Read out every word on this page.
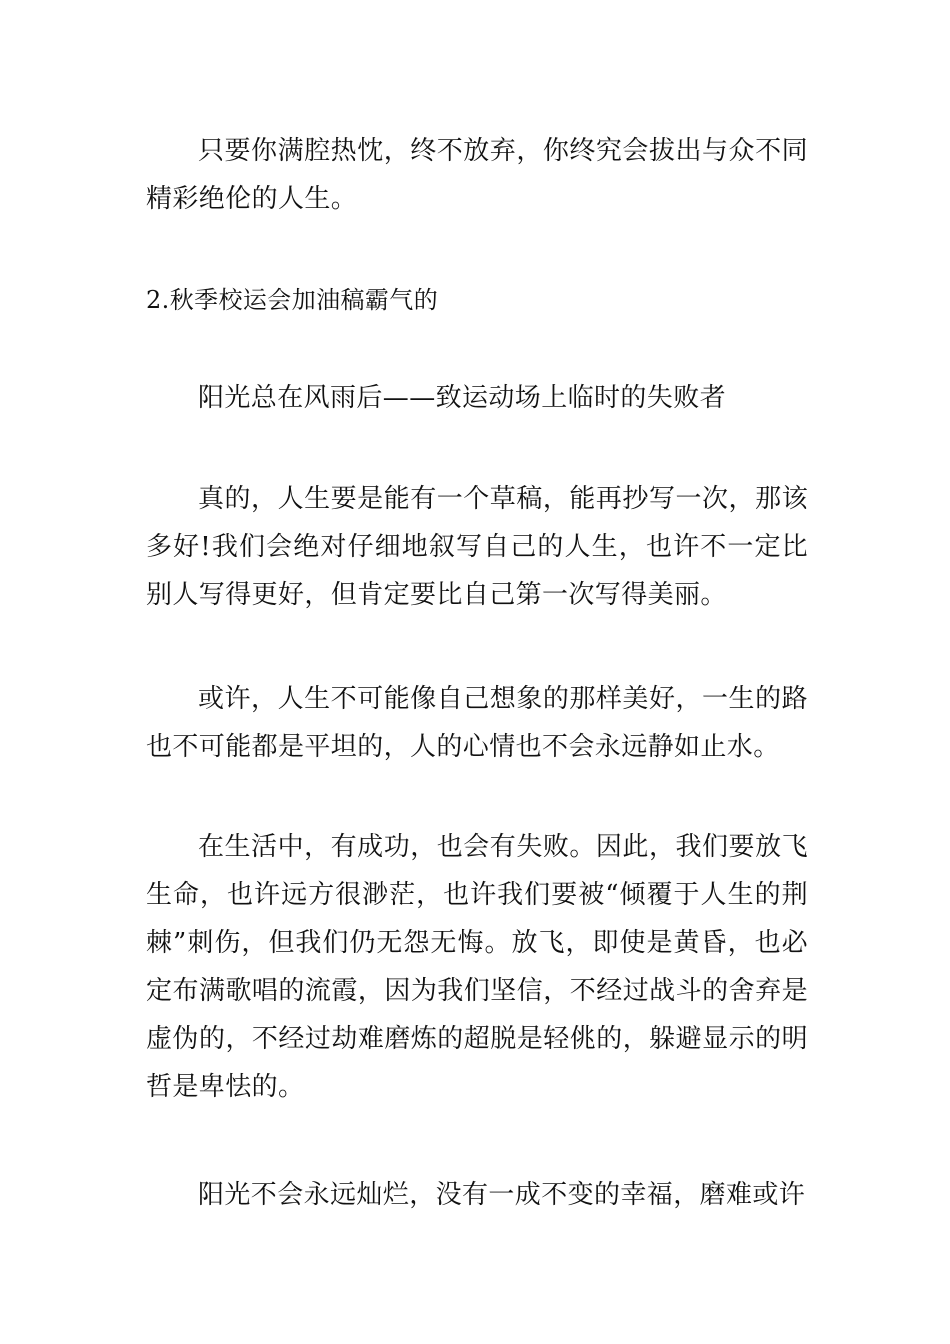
只要你满腔热忱，终不放弃，你终究会拔出与众不同精彩绝伦的人生。

2.秋季校运会加油稿霸气的

阳光总在风雨后——致运动场上临时的失败者

真的，人生要是能有一个草稿，能再抄写一次，那该多好!我们会绝对仔细地叙写自己的人生，也许不一定比别人写得更好，但肯定要比自己第一次写得美丽。

或许，人生不可能像自己想象的那样美好，一生的路也不可能都是平坦的，人的心情也不会永远静如止水。

在生活中，有成功，也会有失败。因此，我们要放飞生命，也许远方很渺茫，也许我们要被“倾覆于人生的荆棘”刺伤，但我们仍无怨无悔。放飞，即使是黄昏，也必定布满歌唱的流霞，因为我们坚信，不经过战斗的舍弃是虚伪的，不经过劫难磨炼的超脱是轻佻的，躲避显示的明哲是卑怯的。

阳光不会永远灿烂，没有一成不变的幸福，磨难或许
